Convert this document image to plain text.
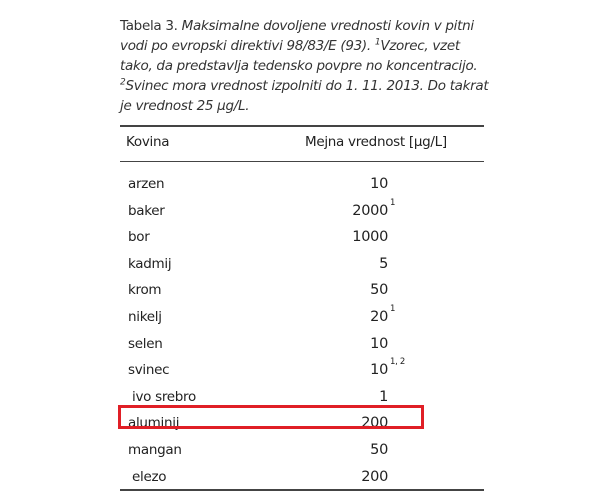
Tabela 3. Maksimalne dovoljene vrednosti kovin v pitni vodi po evropski direktivi 98/83/E (93). $^1$Vzorec, vzet tako, da predstavlja tedensko povpre no koncentracijo. $^2$Svinec mora vrednost izpolniti do 1. 11. 2013. Do takrat je vrednost 25 µg/L.
Kovina	Mejna vrednost [µg/L]
arzen	10
baker	2000 1
bor	1000
kadmij	5
krom	50
nikelj	20 1
selen	10
svinec	10 1, 2
ivo srebro	1
aluminij	200
mangan	50
elezo	200
